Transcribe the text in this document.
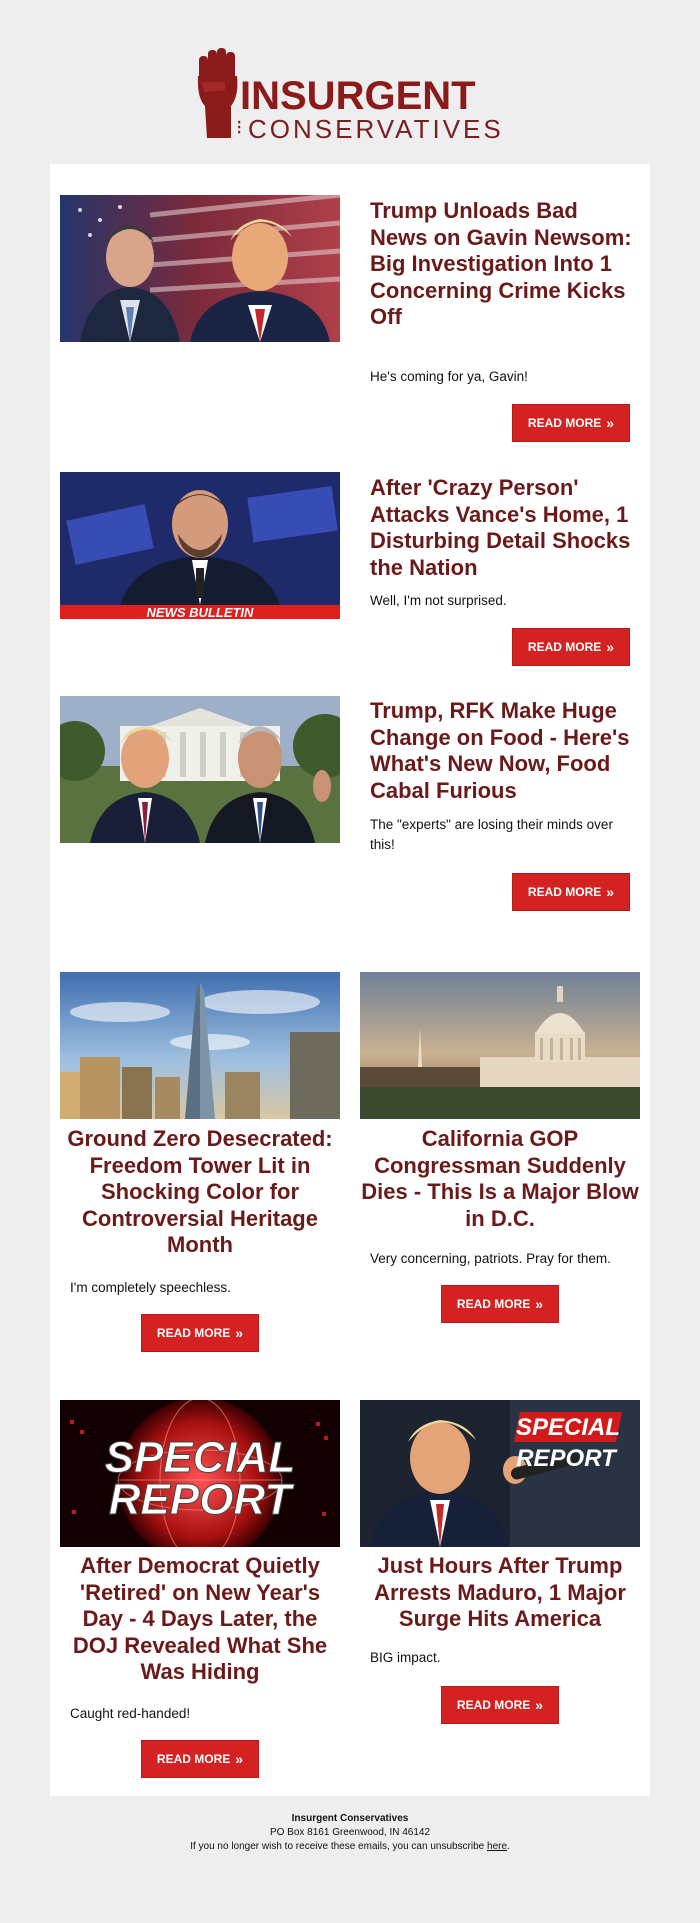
INSURGENT
⁝ CONSERVATIVES
Trump Unloads Bad News on Gavin Newsom: Big Investigation Into 1 Concerning Crime Kicks Off

He's coming for ya, Gavin!

READ MORE »
NEWS BULLETIN
After 'Crazy Person' Attacks Vance's Home, 1 Disturbing Detail Shocks the Nation

Well, I'm not surprised.

READ MORE »
Trump, RFK Make Huge Change on Food - Here's What's New Now, Food Cabal Furious

The "experts" are losing their minds over this!

READ MORE »
Ground Zero Desecrated: Freedom Tower Lit in Shocking Color for Controversial Heritage Month

I'm completely speechless.

READ MORE »
California GOP Congressman Suddenly Dies - This Is a Major Blow in D.C.

Very concerning, patriots. Pray for them.

READ MORE »
SPECIAL
REPORT
After Democrat Quietly 'Retired' on New Year's Day - 4 Days Later, the DOJ Revealed What She Was Hiding

Caught red-handed!

READ MORE »
SPECIAL
REPORT
Just Hours After Trump Arrests Maduro, 1 Major Surge Hits America

BIG impact.

READ MORE »
Insurgent Conservatives
PO Box 8161 Greenwood, IN 46142
If you no longer wish to receive these emails, you can unsubscribe here.
